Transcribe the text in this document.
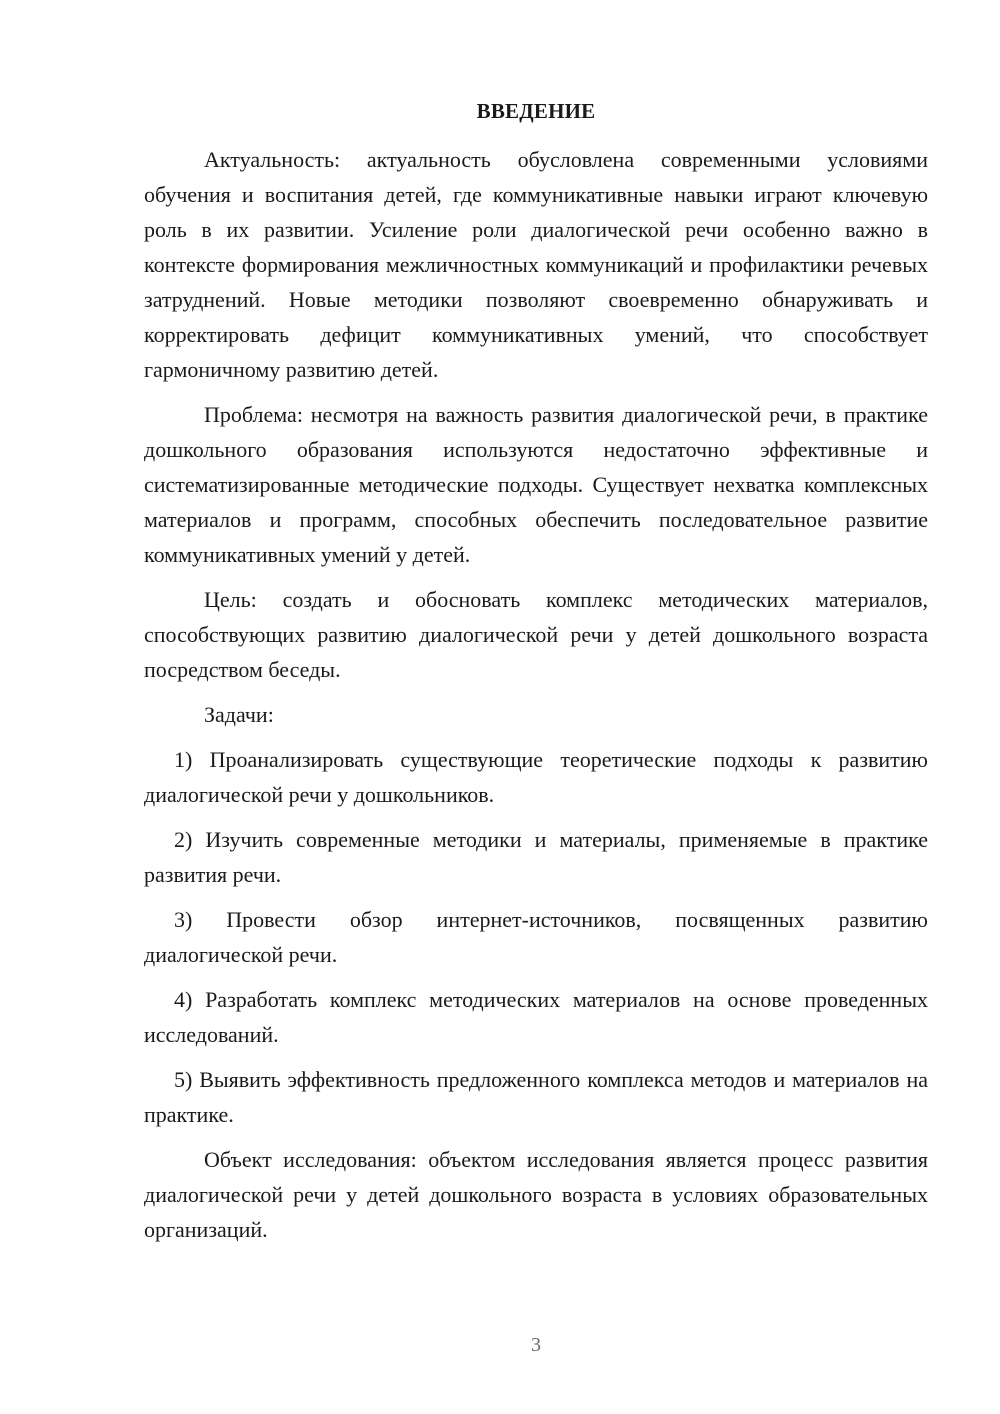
ВВЕДЕНИЕ

Актуальность: актуальность обусловлена современными условиями обучения и воспитания детей, где коммуникативные навыки играют ключевую роль в их развитии. Усиление роли диалогической речи особенно важно в контексте формирования межличностных коммуникаций и профилактики речевых затруднений. Новые методики позволяют своевременно обнаруживать и корректировать дефицит коммуникативных умений, что способствует гармоничному развитию детей.

Проблема: несмотря на важность развития диалогической речи, в практике дошкольного образования используются недостаточно эффективные и систематизированные методические подходы. Существует нехватка комплексных материалов и программ, способных обеспечить последовательное развитие коммуникативных умений у детей.

Цель: создать и обосновать комплекс методических материалов, способствующих развитию диалогической речи у детей дошкольного возраста посредством беседы.

Задачи:

1) Проанализировать существующие теоретические подходы к развитию диалогической речи у дошкольников.

2) Изучить современные методики и материалы, применяемые в практике развития речи.

3) Провести обзор интернет-источников, посвященных развитию диалогической речи.

4) Разработать комплекс методических материалов на основе проведенных исследований.

5) Выявить эффективность предложенного комплекса методов и материалов на практике.

Объект исследования: объектом исследования является процесс развития диалогической речи у детей дошкольного возраста в условиях образовательных организаций.

3
